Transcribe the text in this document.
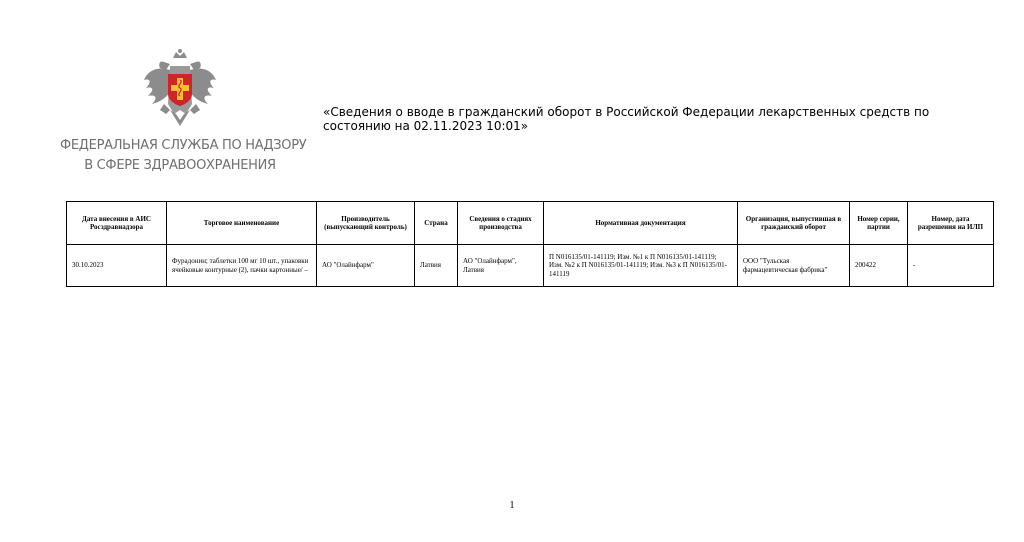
ФЕДЕРАЛЬНАЯ СЛУЖБА ПО НАДЗОРУ
В СФЕРЕ ЗДРАВООХРАНЕНИЯ
«Сведения о вводе в гражданский оборот в Российской Федерации лекарственных средств по состоянию на 02.11.2023 10:01»
Дата внесения в АИС Росздравнадзора	Торговое наименование	Производитель (выпускающий контроль)	Страна	Сведения о стадиях производства	Нормативная документация	Организация, выпустившая в гражданский оборот	Номер серии, партии	Номер, дата разрешения на ИЛП
30.10.2023	Фурадонин; таблетки 100 мг 10 шт., упаковки ячейковые контурные (2), пачки картонные/ –	АО "Олайнфарм"	Латвия	АО "Олайнфарм", Латвия	П N016135/01-141119; Изм. №1 к П N016135/01-141119; Изм. №2 к П N016135/01-141119; Изм. №3 к П N016135/01-141119	ООО "Тульская фармацевтическая фабрика"	200422	-
1
